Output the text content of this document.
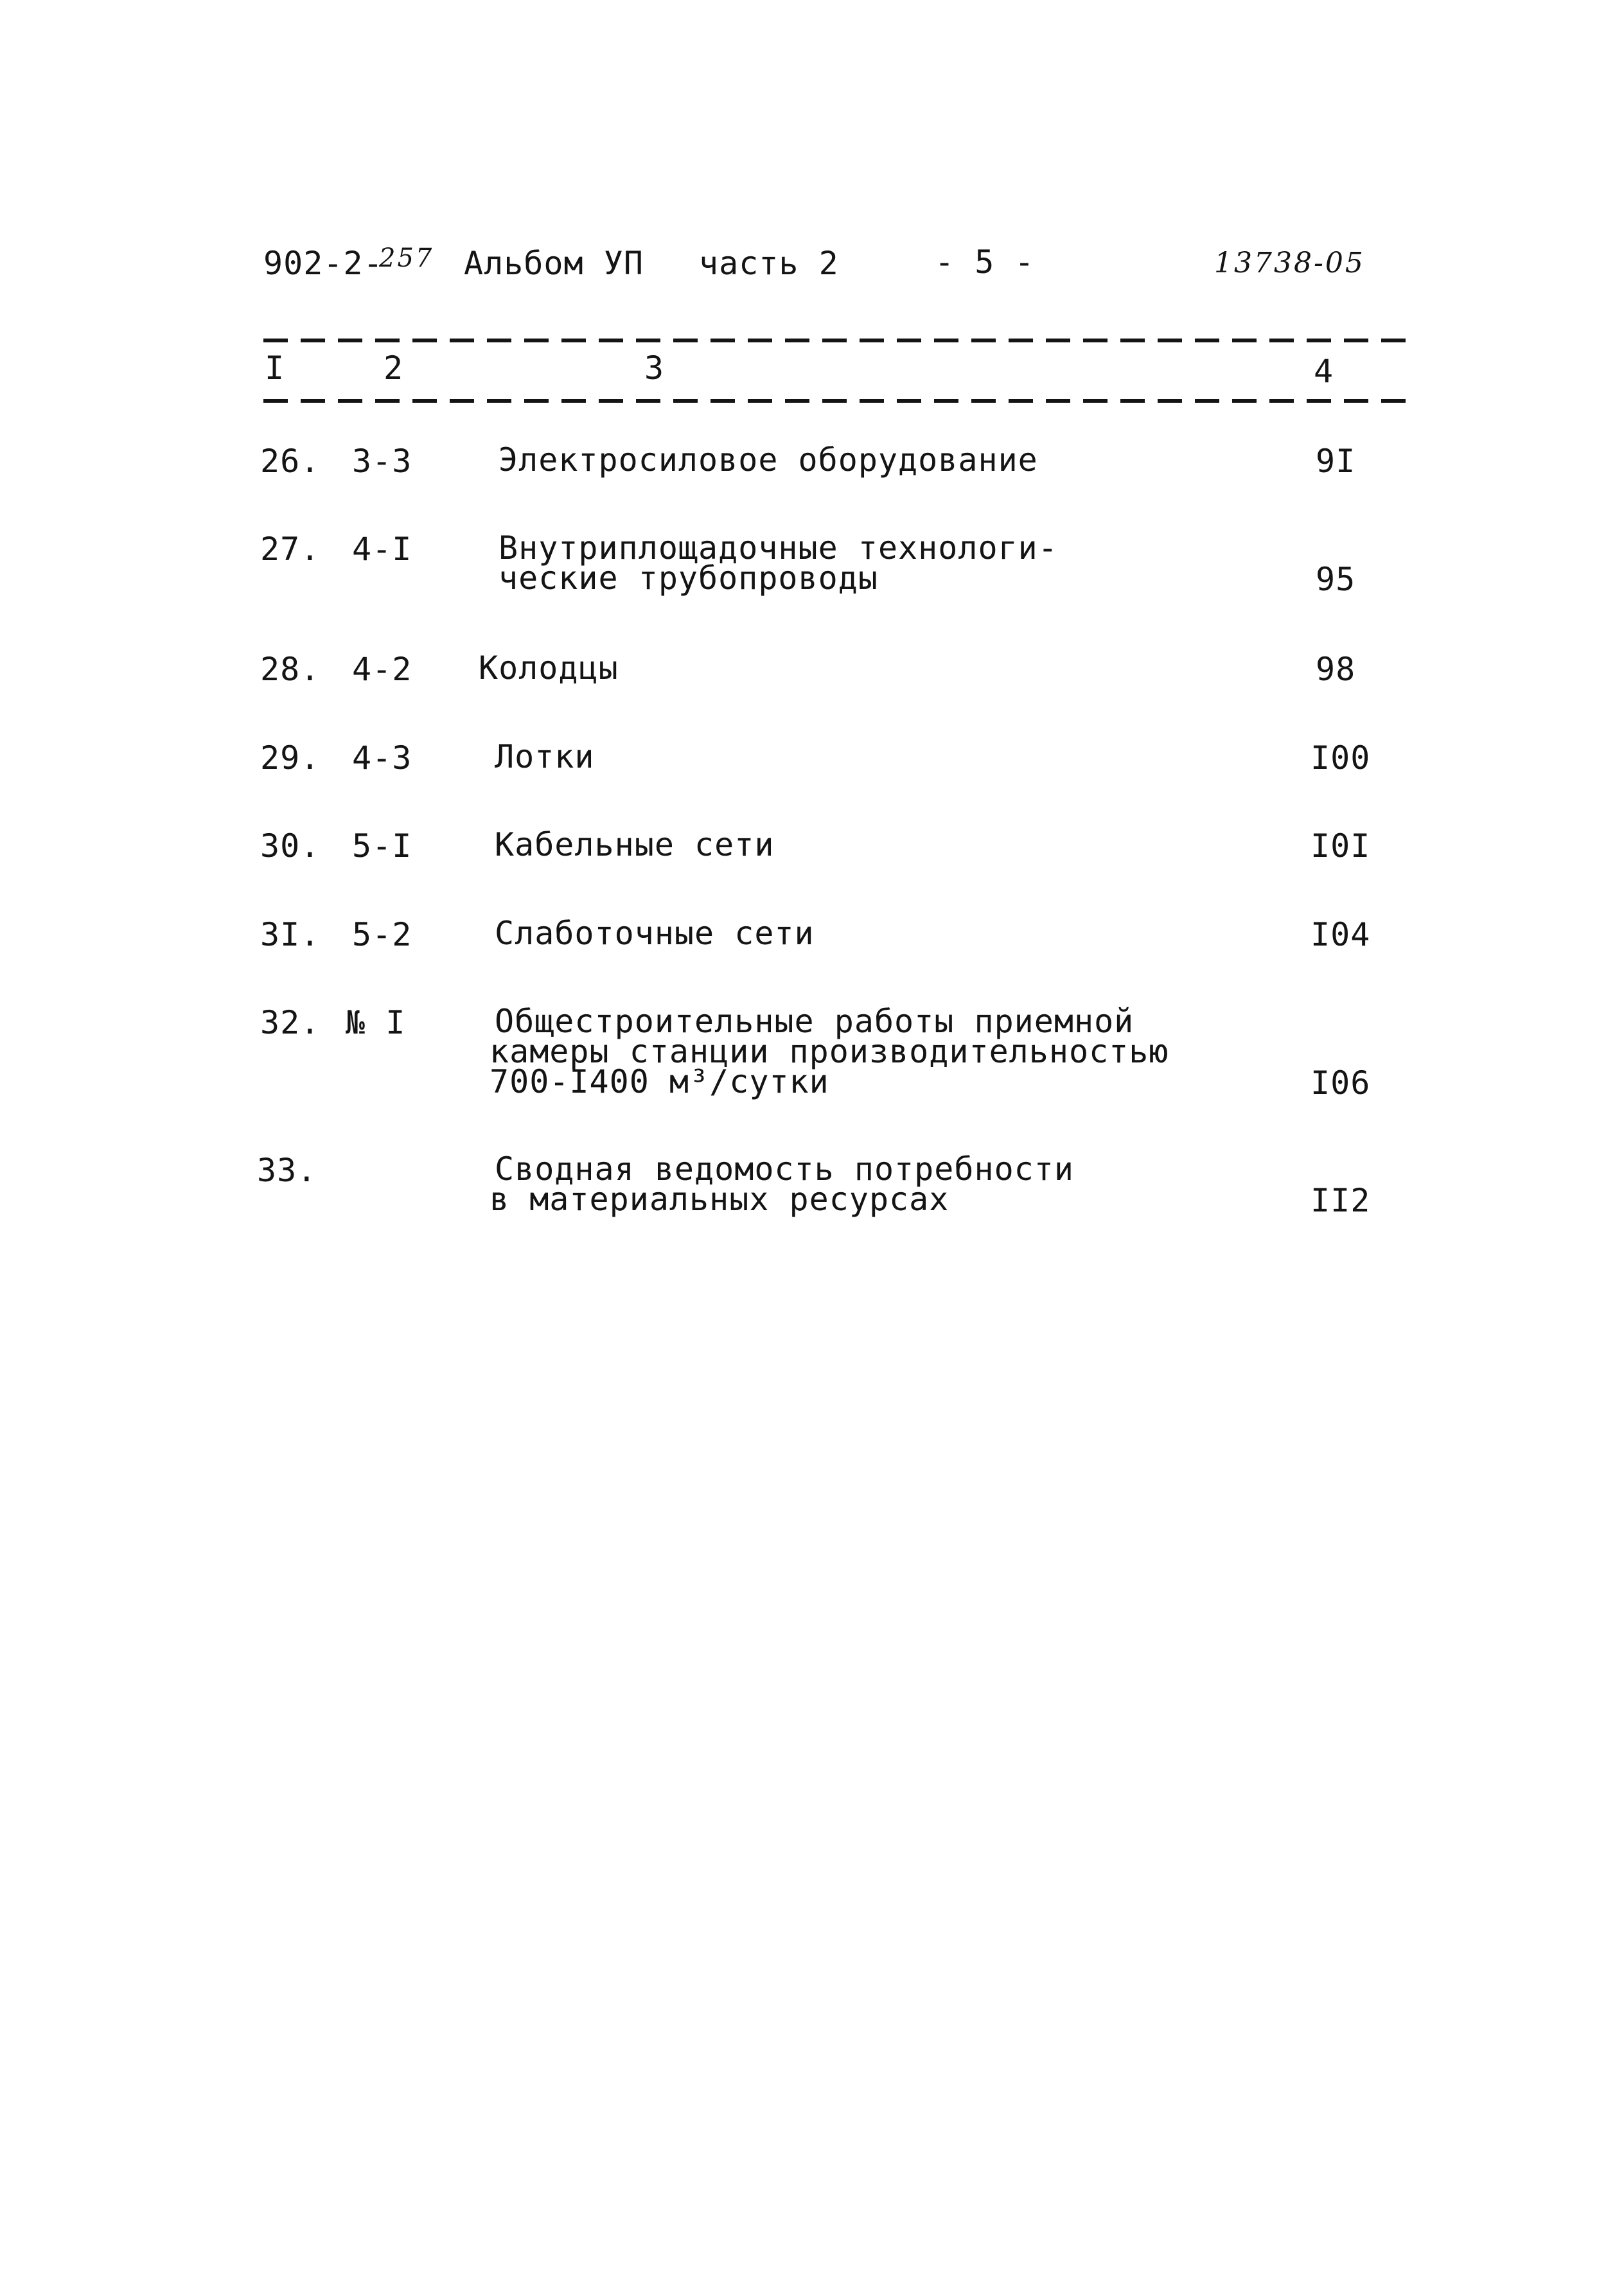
902-2-
257 Альбом УП часть 2	- 5 -	13738-05
I	2	3	4
26. 3-3	Электросиловое оборудование	9I
27. 4-I	Внутриплощадочные технологи-
ческие трубопроводы	95
28. 4-2 Колодцы	98
29. 4-3	Лотки	I00
30. 5-I	Кабельные сети	I0I
3I. 5-2	Слаботочные сети	I04
32. № I	Общестроительные работы приемной
камеры станции производительностью
700-I400 м³/сутки	I06
33.	Сводная ведомость потребности
в материальных ресурсах	II2
